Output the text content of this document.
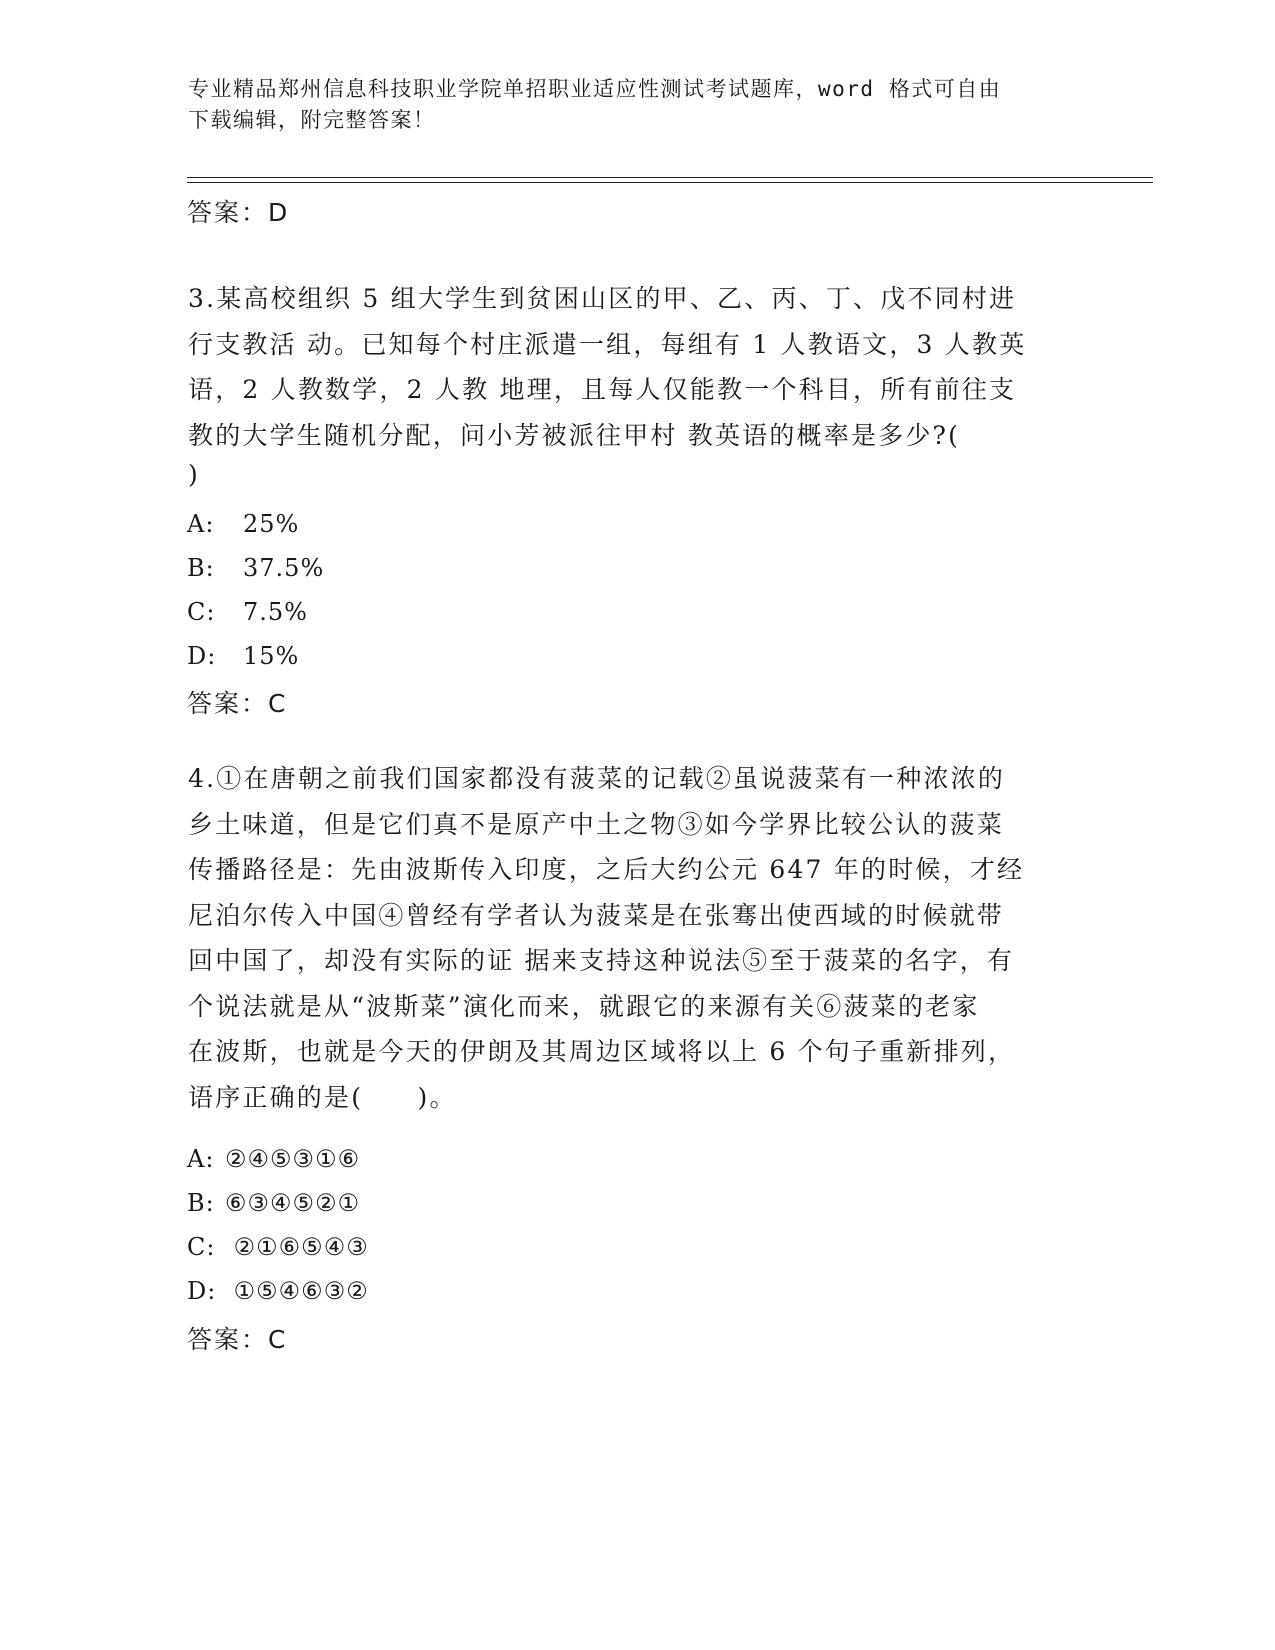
专业精品郑州信息科技职业学院单招职业适应性测试考试题库，word 格式可自由
下载编辑，附完整答案！
答案：D
3.某高校组织 5 组大学生到贫困山区的甲、乙、丙、丁、戊不同村进
行支教活 动。已知每个村庄派遣一组，每组有 1 人教语文，3 人教英
语，2 人教数学，2 人教 地理，且每人仅能教一个科目，所有前往支
教的大学生随机分配，问小芳被派往甲村 教英语的概率是多少?(
)
A: 25%
B: 37.5%
C: 7.5%
D: 15%
答案：C
4.①在唐朝之前我们国家都没有菠菜的记载②虽说菠菜有一种浓浓的
乡土味道，但是它们真不是原产中土之物③如今学界比较公认的菠菜
传播路径是：先由波斯传入印度，之后大约公元 647 年的时候，才经
尼泊尔传入中国④曾经有学者认为菠菜是在张骞出使西域的时候就带
回中国了，却没有实际的证 据来支持这种说法⑤至于菠菜的名字，有
个说法就是从“波斯菜”演化而来，就跟它的来源有关⑥菠菜的老家
在波斯，也就是今天的伊朗及其周边区域将以上 6 个句子重新排列，
语序正确的是(　　)。
A: ②④⑤③①⑥
B: ⑥③④⑤②①
C: ②①⑥⑤④③
D: ①⑤④⑥③②
答案：C
